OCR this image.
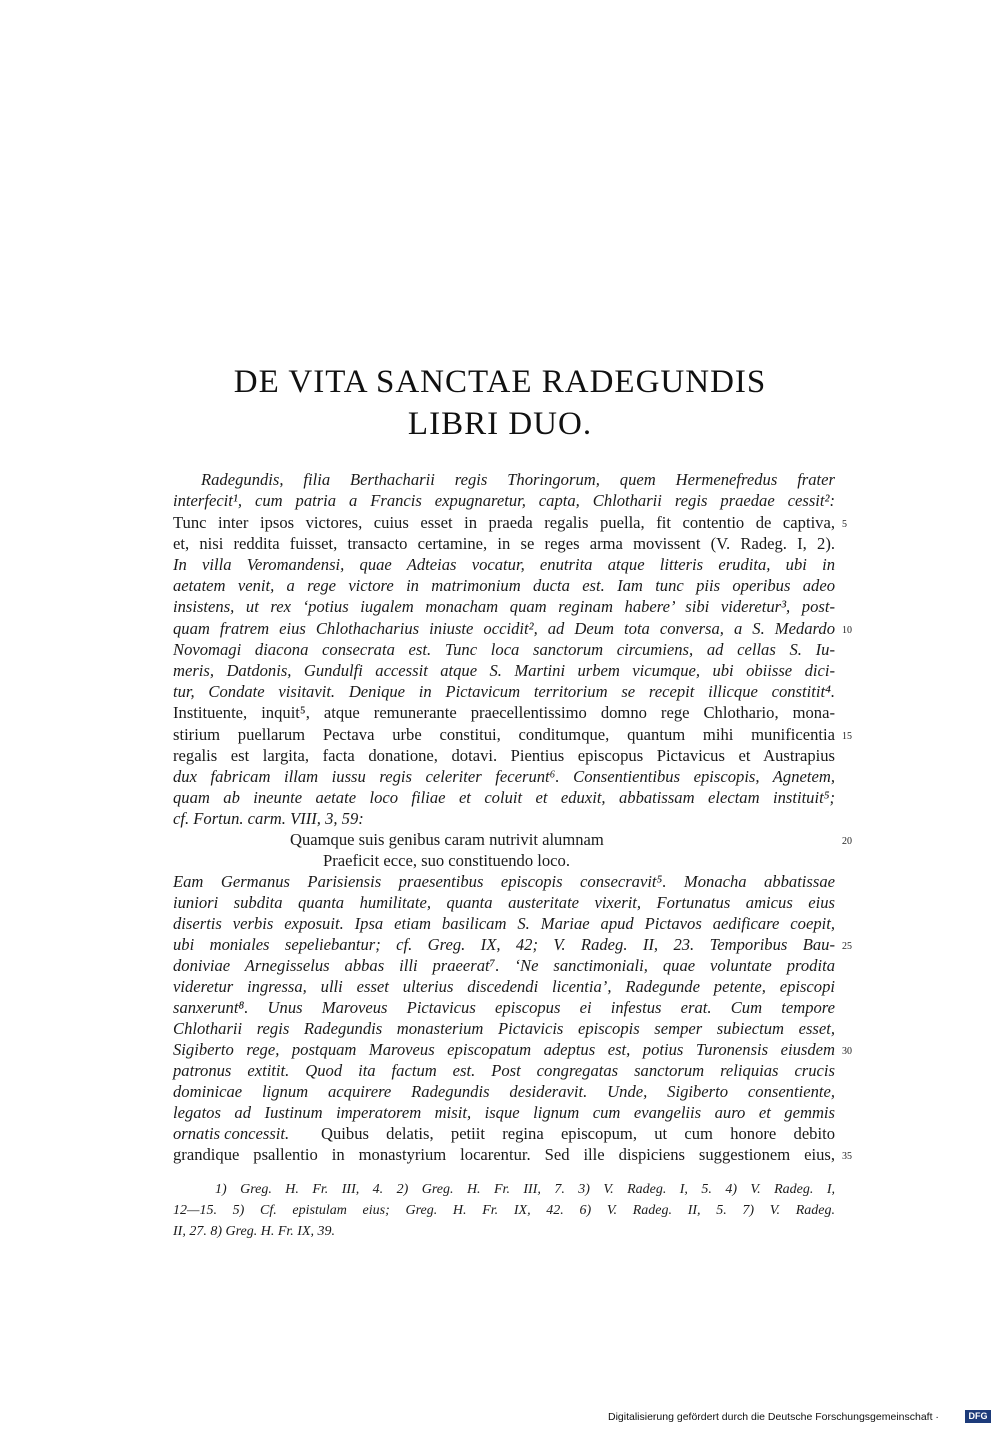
DE VITA SANCTAE RADEGUNDIS
LIBRI DUO.
Radegundis, filia Berthacharii regis Thoringorum, quem Hermenefredus frater
interfecit¹, cum patria a Francis expugnaretur, capta, Chlotharii regis praedae cessit²:
Tunc inter ipsos victores, cuius esset in praeda regalis puella, fit contentio de captiva,
et, nisi reddita fuisset, transacto certamine, in se reges arma movissent (V. Radeg. I, 2).
In villa Veromandensi, quae Adteias vocatur, enutrita atque litteris erudita, ubi in
aetatem venit, a rege victore in matrimonium ducta est. Iam tunc piis operibus adeo
insistens, ut rex ‘potius iugalem monacham quam reginam habere’ sibi videretur³, post-
quam fratrem eius Chlothacharius iniuste occidit², ad Deum tota conversa, a S. Medardo
Novomagi diacona consecrata est. Tunc loca sanctorum circumiens, ad cellas S. Iu-
meris, Datdonis, Gundulfi accessit atque S. Martini urbem vicumque, ubi obiisse dici-
tur, Condate visitavit. Denique in Pictavicum territorium se recepit illicque constitit⁴.
Instituente, inquit⁵, atque remunerante praecellentissimo domno rege Chlothario, mona-
stirium puellarum Pectava urbe constitui, conditumque, quantum mihi munificentia
regalis est largita, facta donatione, dotavi. Pientius episcopus Pictavicus et Austrapius
dux fabricam illam iussu regis celeriter fecerunt⁶. Consentientibus episcopis, Agnetem,
quam ab ineunte aetate loco filiae et coluit et eduxit, abbatissam electam instituit⁵;
cf. Fortun. carm. VIII, 3, 59:
Quamque suis genibus caram nutrivit alumnam
Praeficit ecce, suo constituendo loco.
Eam Germanus Parisiensis praesentibus episcopis consecravit⁵. Monacha abbatissae
iuniori subdita quanta humilitate, quanta austeritate vixerit, Fortunatus amicus eius
disertis verbis exposuit. Ipsa etiam basilicam S. Mariae apud Pictavos aedificare coepit,
ubi moniales sepeliebantur; cf. Greg. IX, 42; V. Radeg. II, 23. Temporibus Bau-
doniviae Arnegisselus abbas illi praeerat⁷. ‘Ne sanctimoniali, quae voluntate prodita
videretur ingressa, ulli esset ulterius discedendi licentia’, Radegunde petente, episcopi
sanxerunt⁸. Unus Maroveus Pictavicus episcopus ei infestus erat. Cum tempore
Chlotharii regis Radegundis monasterium Pictavicis episcopis semper subiectum esset,
Sigiberto rege, postquam Maroveus episcopatum adeptus est, potius Turonensis eiusdem
patronus extitit. Quod ita factum est. Post congregatas sanctorum reliquias crucis
dominicae lignum acquirere Radegundis desideravit. Unde, Sigiberto consentiente,
legatos ad Iustinum imperatorem misit, isque lignum cum evangeliis auro et gemmis
ornatis concessit. Quibus delatis, petiit regina episcopum, ut cum honore debito
grandique psallentio in monastyrium locarentur. Sed ille dispiciens suggestionem eius,
5
10
15
20
25
30
35
1) Greg. H. Fr. III, 4. 2) Greg. H. Fr. III, 7. 3) V. Radeg. I, 5. 4) V. Radeg. I,
12—15. 5) Cf. epistulam eius; Greg. H. Fr. IX, 42. 6) V. Radeg. II, 5. 7) V. Radeg.
II, 27. 8) Greg. H. Fr. IX, 39.
Digitalisierung gefördert durch die Deutsche Forschungsgemeinschaft ·	DFG
